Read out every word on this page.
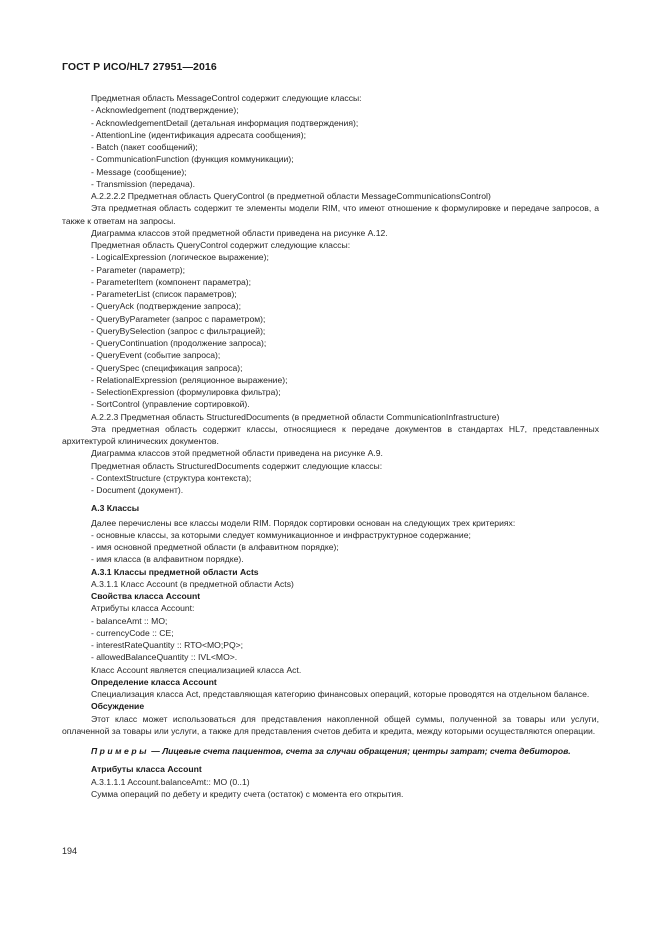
ГОСТ Р ИСО/HL7 27951—2016

Предметная область MessageControl содержит следующие классы:

- Acknowledgement (подтверждение);

- AcknowledgementDetail (детальная информация подтверждения);

- AttentionLine (идентификация адресата сообщения);

- Batch (пакет сообщений);

- CommunicationFunction (функция коммуникации);

- Message (сообщение);

- Transmission (передача).

A.2.2.2.2 Предметная область QueryControl (в предметной области MessageCommunicationsControl)

Эта предметная область содержит те элементы модели RIM, что имеют отношение к формулировке и передаче запросов, а также к ответам на запросы.

Диаграмма классов этой предметной области приведена на рисунке А.12.

Предметная область QueryControl содержит следующие классы:

- LogicalExpression (логическое выражение);

- Parameter (параметр);

- ParameterItem (компонент параметра);

- ParameterList (список параметров);

- QueryAck (подтверждение запроса);

- QueryByParameter (запрос с параметром);

- QueryBySelection (запрос с фильтрацией);

- QueryContinuation (продолжение запроса);

- QueryEvent (событие запроса);

- QuerySpec (спецификация запроса);

- RelationalExpression (реляционное выражение);

- SelectionExpression (формулировка фильтра);

- SortControl (управление сортировкой).

A.2.2.3 Предметная область StructuredDocuments (в предметной области CommunicationInfrastructure)

Эта предметная область содержит классы, относящиеся к передаче документов в стандартах HL7, представленных архитектурой клинических документов.

Диаграмма классов этой предметной области приведена на рисунке А.9.

Предметная область StructuredDocuments содержит следующие классы:

- ContextStructure (структура контекста);

- Document (документ).

A.3 Классы

Далее перечислены все классы модели RIM. Порядок сортировки основан на следующих трех критериях:

- основные классы, за которыми следует коммуникационное и инфраструктурное содержание;

- имя основной предметной области (в алфавитном порядке);

- имя класса (в алфавитном порядке).

A.3.1 Классы предметной области Acts

A.3.1.1 Класс Account (в предметной области Acts)

Свойства класса Account

Атрибуты класса Account:

- balanceAmt :: MO;

- currencyCode :: CE;

- interestRateQuantity :: RTO<MO;PQ>;

- allowedBalanceQuantity :: IVL<MO>.

Класс Account является специализацией класса Act.

Определение класса Account

Специализация класса Act, представляющая категорию финансовых операций, которые проводятся на отдельном балансе.

Обсуждение

Этот класс может использоваться для представления накопленной общей суммы, полученной за товары или услуги, оплаченной за товары или услуги, а также для представления счетов дебита и кредита, между которыми осуществляются операции.

Примеры — Лицевые счета пациентов, счета за случаи обращения; центры затрат; счета дебиторов.

Атрибуты класса Account

A.3.1.1.1 Account.balanceAmt:: MO (0..1)

Сумма операций по дебету и кредиту счета (остаток) с момента его открытия.

194
